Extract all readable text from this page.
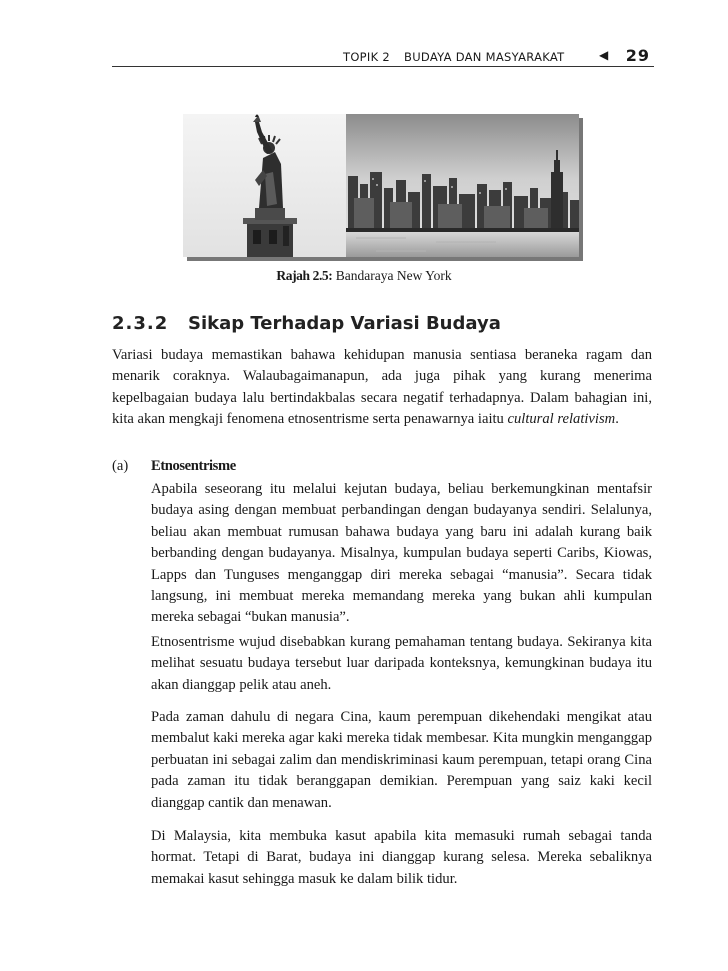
TOPIK 2 BUDAYA DAN MASYARAKAT	◀ 29
Rajah 2.5: Bandaraya New York
2.3.2 Sikap Terhadap Variasi Budaya

Variasi budaya memastikan bahawa kehidupan manusia sentiasa beraneka ragam dan menarik coraknya. Walaubagaimanapun, ada juga pihak yang kurang menerima kepelbagaian budaya lalu bertindakbalas secara negatif terhadapnya. Dalam bahagian ini, kita akan mengkaji fenomena etnosentrisme serta penawarnya iaitu cultural relativism.

(a) Etnosentrisme

Apabila seseorang itu melalui kejutan budaya, beliau berkemungkinan mentafsir budaya asing dengan membuat perbandingan dengan budayanya sendiri. Selalunya, beliau akan membuat rumusan bahawa budaya yang baru ini adalah kurang baik berbanding dengan budayanya. Misalnya, kumpulan budaya seperti Caribs, Kiowas, Lapps dan Tunguses menganggap diri mereka sebagai “manusia”. Secara tidak langsung, ini membuat mereka memandang mereka yang bukan ahli kumpulan mereka sebagai “bukan manusia”.

Etnosentrisme wujud disebabkan kurang pemahaman tentang budaya. Sekiranya kita melihat sesuatu budaya tersebut luar daripada konteksnya, kemungkinan budaya itu akan dianggap pelik atau aneh.

Pada zaman dahulu di negara Cina, kaum perempuan dikehendaki mengikat atau membalut kaki mereka agar kaki mereka tidak membesar. Kita mungkin menganggap perbuatan ini sebagai zalim dan mendiskriminasi kaum perempuan, tetapi orang Cina pada zaman itu tidak beranggapan demikian. Perempuan yang saiz kaki kecil dianggap cantik dan menawan.

Di Malaysia, kita membuka kasut apabila kita memasuki rumah sebagai tanda hormat. Tetapi di Barat, budaya ini dianggap kurang selesa. Mereka sebaliknya memakai kasut sehingga masuk ke dalam bilik tidur.
